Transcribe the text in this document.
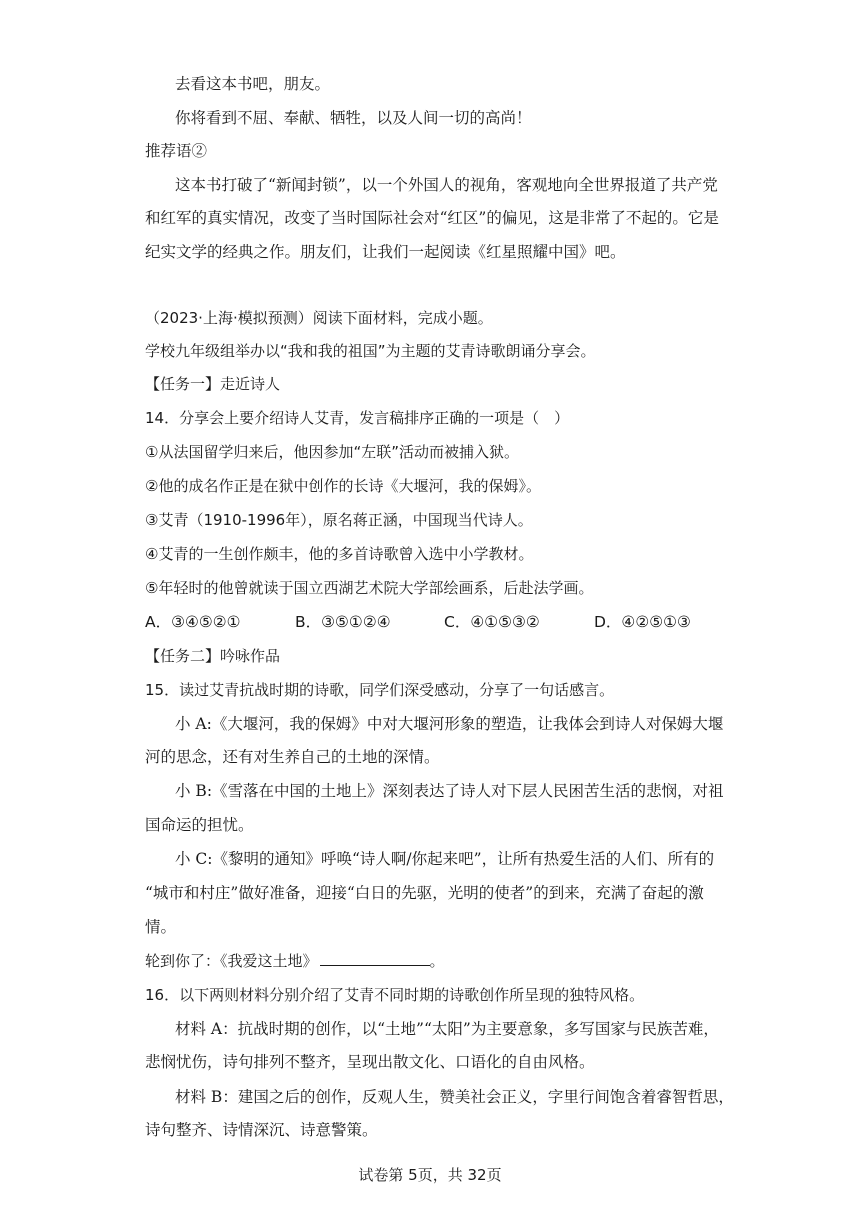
去看这本书吧，朋友。
你将看到不屈、奉献、牺牲，以及人间一切的高尚！
推荐语②
这本书打破了“新闻封锁”，以一个外国人的视角，客观地向全世界报道了共产党
和红军的真实情况，改变了当时国际社会对“红区”的偏见，这是非常了不起的。它是
纪实文学的经典之作。朋友们，让我们一起阅读《红星照耀中国》吧。
（2023·上海·模拟预测）阅读下面材料，完成小题。
学校九年级组举办以“我和我的祖国”为主题的艾青诗歌朗诵分享会。
【任务一】走近诗人
14．分享会上要介绍诗人艾青，发言稿排序正确的一项是（　）
①从法国留学归来后，他因参加“左联”活动而被捕入狱。
②他的成名作正是在狱中创作的长诗《大堰河，我的保姆》。
③艾青（1910-1996年），原名蒋正涵，中国现当代诗人。
④艾青的一生创作颇丰，他的多首诗歌曾入选中小学教材。
⑤年轻时的他曾就读于国立西湖艺术院大学部绘画系，后赴法学画。
A．③④⑤②①	B．③⑤①②④	C．④①⑤③②	D．④②⑤①③
【任务二】吟咏作品
15．读过艾青抗战时期的诗歌，同学们深受感动，分享了一句话感言。
小 A:《大堰河，我的保姆》中对大堰河形象的塑造，让我体会到诗人对保姆大堰
河的思念，还有对生养自己的土地的深情。
小 B:《雪落在中国的土地上》深刻表达了诗人对下层人民困苦生活的悲悯，对祖
国命运的担忧。
小 C:《黎明的通知》呼唤“诗人啊/你起来吧”，让所有热爱生活的人们、所有的
“城市和村庄”做好准备，迎接“白日的先驱，光明的使者”的到来，充满了奋起的激
情。
轮到你了：《我爱这土地》	。
16．以下两则材料分别介绍了艾青不同时期的诗歌创作所呈现的独特风格。
材料 A：抗战时期的创作，以“土地”“太阳”为主要意象，多写国家与民族苦难，
悲悯忧伤，诗句排列不整齐，呈现出散文化、口语化的自由风格。
材料 B：建国之后的创作，反观人生，赞美社会正义，字里行间饱含着睿智哲思，
诗句整齐、诗情深沉、诗意警策。
试卷第 5页，共 32页
